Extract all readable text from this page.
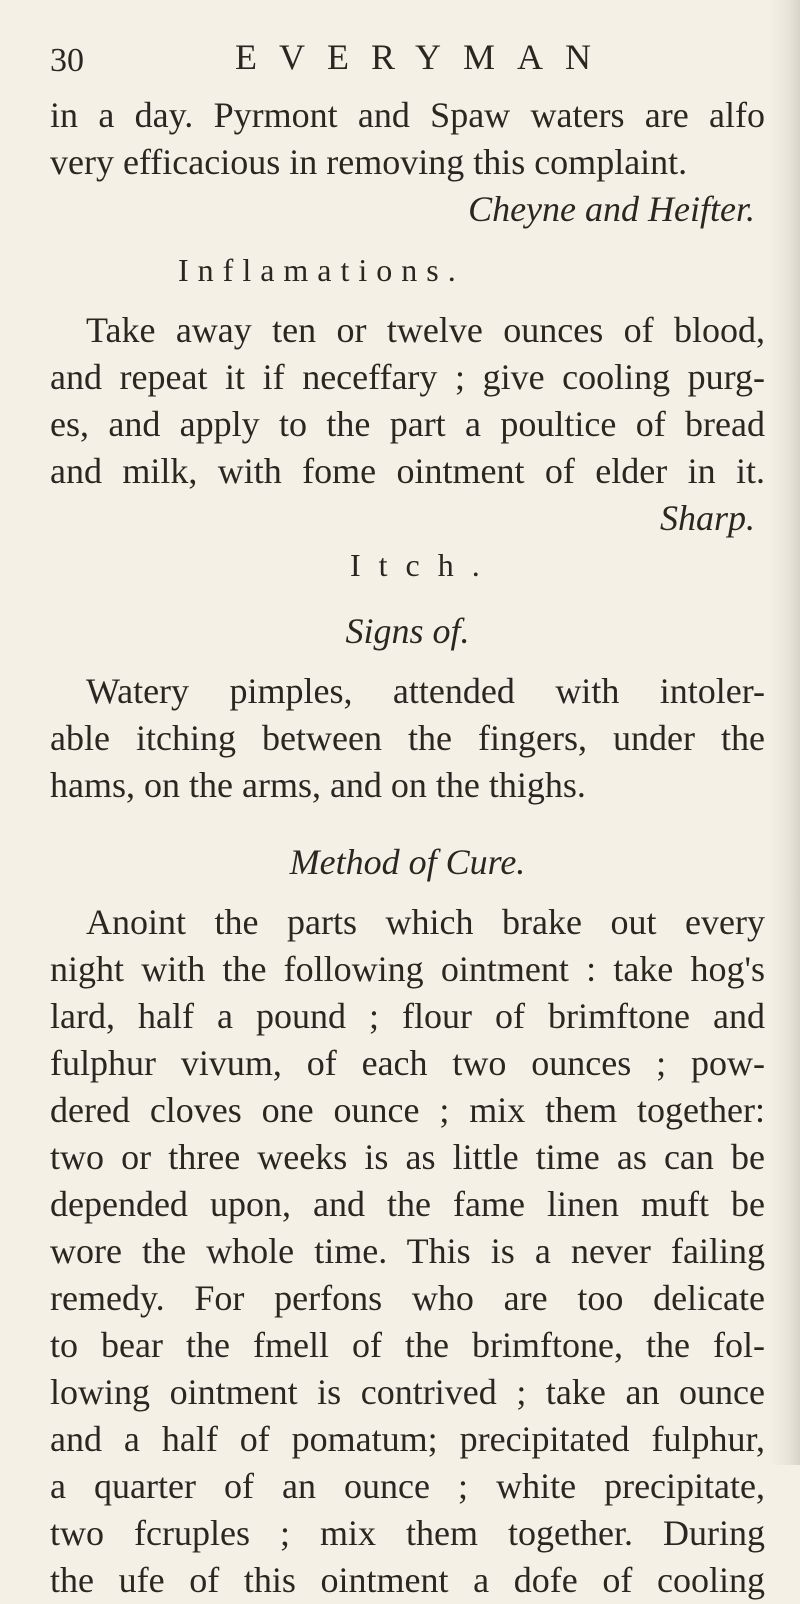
30	EVERYMAN
in a day. Pyrmont and Spaw waters are alfo
very efficacious in removing this complaint.
Cheyne and Heifter.
Inflamations.
Take away ten or twelve ounces of blood,
and repeat it if neceffary ; give cooling purg-
es, and apply to the part a poultice of bread
and milk, with fome ointment of elder in it.
Sharp.
Itch.
Signs of.
Watery pimples, attended with intoler-
able itching between the fingers, under the
hams, on the arms, and on the thighs.
Method of Cure.
Anoint the parts which brake out every
night with the following ointment : take hog's
lard, half a pound ; flour of brimftone and
fulphur vivum, of each two ounces ; pow-
dered cloves one ounce ; mix them together:
two or three weeks is as little time as can be
depended upon, and the fame linen muft be
wore the whole time. This is a never failing
remedy. For perfons who are too delicate
to bear the fmell of the brimftone, the fol-
lowing ointment is contrived ; take an ounce
and a half of pomatum; precipitated fulphur,
a quarter of an ounce ; white precipitate,
two fcruples ; mix them together. During
the ufe of this ointment a dofe of cooling
